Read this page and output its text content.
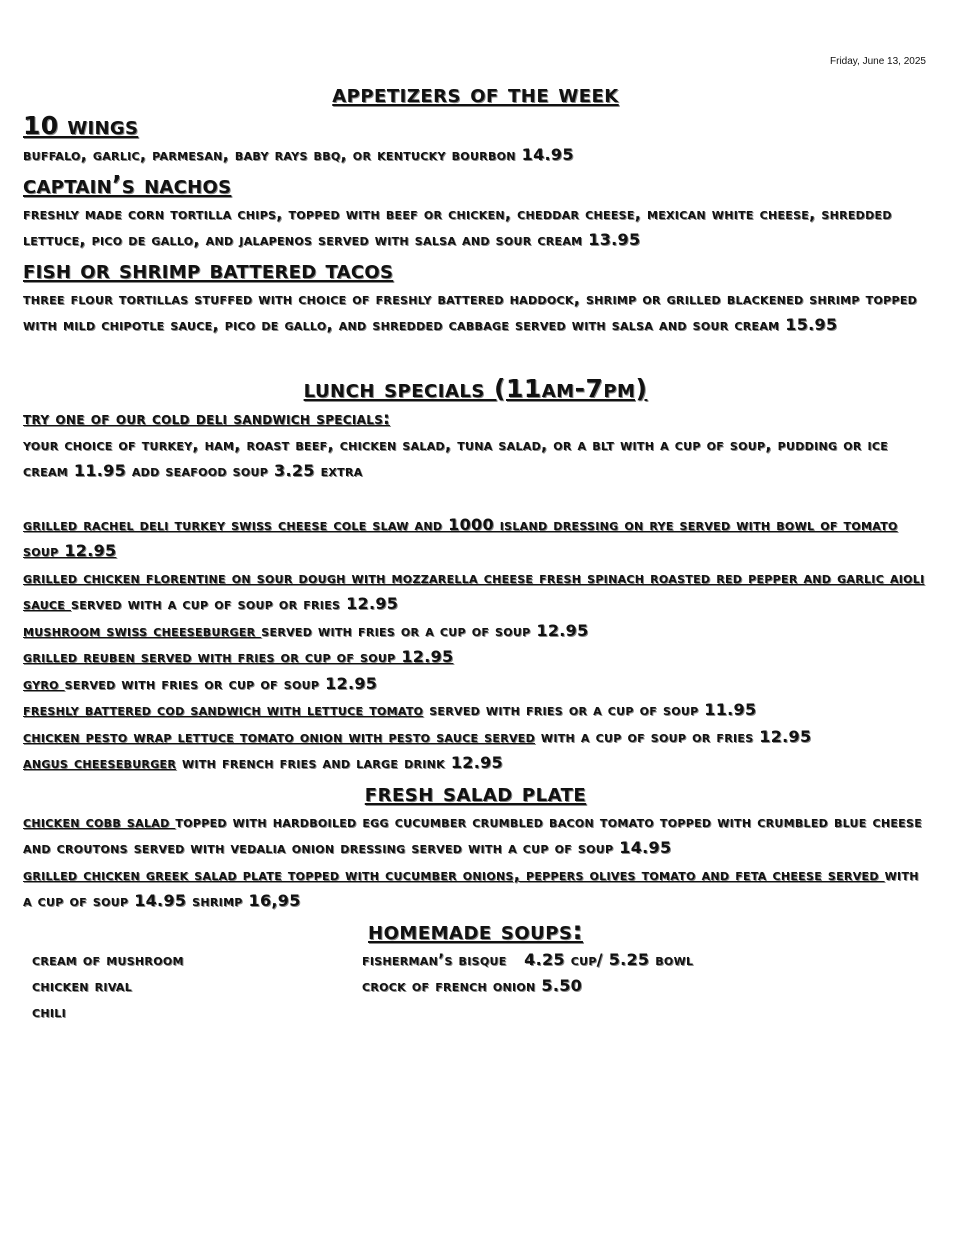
Friday, June 13, 2025
appetizers of the week
10 wings

buffalo, garlic, parmesan, baby rays bbq, or kentucky bourbon 14.95

captain’s nachos

freshly made corn tortilla chips, topped with beef or chicken, cheddar cheese, mexican white cheese, shredded lettuce, pico de gallo, and jalapenos served with salsa and sour cream 13.95

fish or shrimp battered tacos

three flour tortillas stuffed with choice of freshly battered haddock, shrimp or grilled blackened shrimp topped with mild chipotle sauce, pico de gallo, and shredded cabbage served with salsa and sour cream 15.95

lunch specials (11am-7pm)

try one of our cold deli sandwich specials:

your choice of turkey, ham, roast beef, chicken salad, tuna salad, or a blt with a cup of soup, pudding or ice cream 11.95 add seafood soup 3.25 extra

grilled rachel deli turkey swiss cheese cole slaw and 1000 island dressing on rye served with bowl of tomato soup 12.95

grilled chicken florentine on sour dough with mozzarella cheese fresh spinach roasted red pepper and garlic aioli sauce served with a cup of soup or fries 12.95

mushroom swiss cheeseburger served with fries or a cup of soup 12.95

grilled reuben served with fries or cup of soup 12.95

gyro served with fries or cup of soup 12.95

freshly battered cod sandwich with lettuce tomato served with fries or a cup of soup 11.95

chicken pesto wrap lettuce tomato onion with pesto sauce served with a cup of soup or fries 12.95

angus cheeseburger with french fries and large drink 12.95

fresh salad plate

chicken cobb salad topped with hardboiled egg cucumber crumbled bacon tomato topped with crumbled blue cheese and croutons served with vedalia onion dressing served with a cup of soup 14.95

grilled chicken greek salad plate topped with cucumber onions, peppers olives tomato and feta cheese served with a cup of soup 14.95 shrimp 16,95

homemade soups:
cream of mushroom
chicken rival
chili
fisherman’s bisque   4.25 cup/ 5.25 bowl
crock of french onion 5.50
